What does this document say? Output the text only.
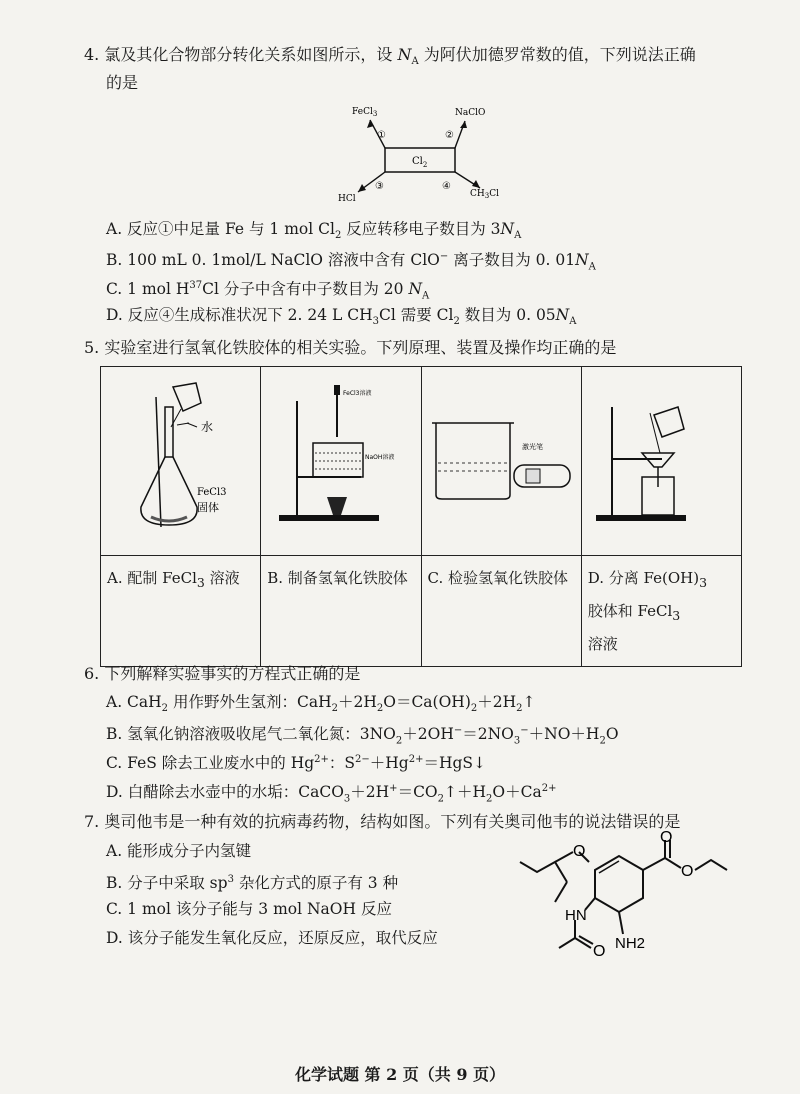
4. 氯及其化合物部分转化关系如图所示，设 $N_A$ 为阿伏加德罗常数的值，下列说法正确
的是
$Cl_2$
FeCl$_3$	NaClO
HCl	$CH_3Cl$
①	②
③	④
A. 反应①中足量 Fe 与 1 mol $Cl_2$ 反应转移电子数目为 $3N_A$
B. 100 mL 0. 1mol/L NaClO 溶液中含有 ClO− 离子数目为 0. $01N_A$
C. 1 mol $H^{37}Cl$ 分子中含有中子数目为 20 $N_A$
D. 反应④生成标准状况下 2. 24 L $CH_3Cl$ 需要 $Cl_2$ 数目为 0. $05N_A$
5. 实验室进行氢氧化铁胶体的相关实验。下列原理、装置及操作均正确的是
水
FeCl3
固体	FeCl3溶液
NaOH溶液	激光笔

A. 配制 FeCl$_3$ 溶液	B. 制备氢氧化铁胶体	C. 检验氢氧化铁胶体	D. 分离 $Fe(OH)_3$
胶体和 FeCl$_3$
溶液
6. 下列解释实验事实的方程式正确的是
A. CaH$_2$ 用作野外生氢剂：$CaH_2+2H_2O=Ca(OH)_2+2H_2↑$
B. 氢氧化钠溶液吸收尾气二氧化氮：$3NO_2+2OH^-=2NO_3^-+NO+H_2O$
C. FeS 除去工业废水中的 $Hg^{2+}$：$S^{2-}+Hg^{2+}=HgS↓$
D. 白醋除去水壶中的水垢：$CaCO_3+2H^+=CO_2↑+H_2O+Ca^{2+}$
7. 奥司他韦是一种有效的抗病毒药物，结构如图。下列有关奥司他韦的说法错误的是
A. 能形成分子内氢键
B. 分子中采取 $sp^3$ 杂化方式的原子有 3 种
C. 1 mol 该分子能与 3 mol NaOH 反应
D. 该分子能发生氧化反应，还原反应，取代反应
O
O
O
HN
O NH2
化学试题 第 2 页（共 9 页）
